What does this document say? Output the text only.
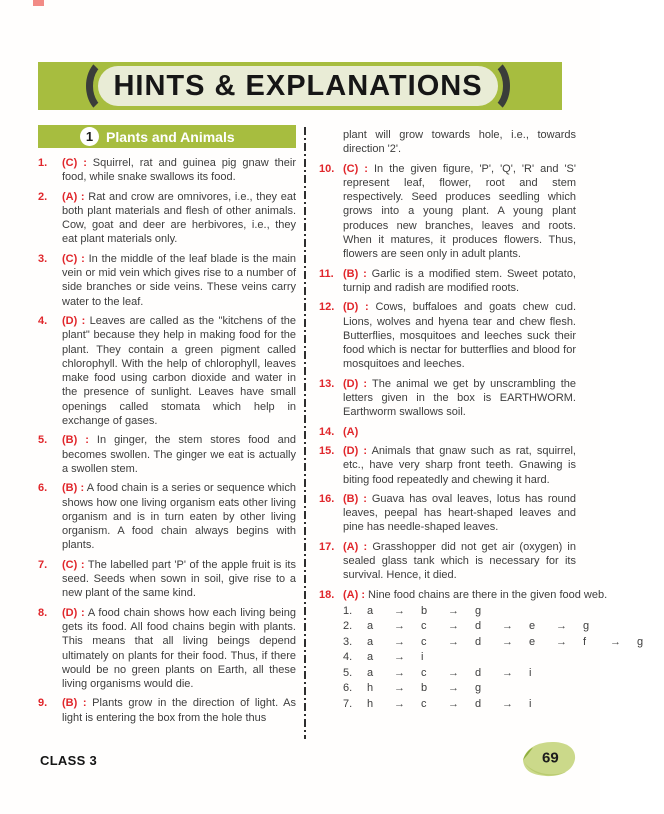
HINTS & EXPLANATIONS
1 Plants and Animals
1.	(C) : Squirrel, rat and guinea pig gnaw their food, while snake swallows its food.
2.	(A) : Rat and crow are omnivores, i.e., they eat both plant materials and flesh of other animals. Cow, goat and deer are herbivores, i.e., they eat plant materials only.
3.	(C) : In the middle of the leaf blade is the main vein or mid vein which gives rise to a number of side branches or side veins. These veins carry water to the leaf.
4.	(D) : Leaves are called as the "kitchens of the plant" because they help in making food for the plant. They contain a green pigment called chlorophyll. With the help of chlorophyll, leaves make food using carbon dioxide and water in the presence of sunlight. Leaves have small openings called stomata which help in exchange of gases.
5.	(B) : In ginger, the stem stores food and becomes swollen. The ginger we eat is actually a swollen stem.
6.	(B) : A food chain is a series or sequence which shows how one living organism eats other living organism and is in turn eaten by other living organism. A food chain always begins with plants.
7.	(C) : The labelled part 'P' of the apple fruit is its seed. Seeds when sown in soil, give rise to a new plant of the same kind.
8.	(D) : A food chain shows how each living being gets its food. All food chains begin with plants. This means that all living beings depend ultimately on plants for their food. Thus, if there would be no green plants on Earth, all these living organisms would die.
9.	(B) : Plants grow in the direction of light. As light is entering the box from the hole thus
plant will grow towards hole, i.e., towards direction '2'.
10. (C) : In the given figure, 'P', 'Q', 'R' and 'S' represent leaf, flower, root and stem respectively. Seed produces seedling which grows into a young plant. A young plant produces new branches, leaves and roots. When it matures, it produces flowers. Thus, flowers are seen only in adult plants.
11. (B) : Garlic is a modified stem. Sweet potato, turnip and radish are modified roots.
12. (D) : Cows, buffaloes and goats chew cud. Lions, wolves and hyena tear and chew flesh. Butterflies, mosquitoes and leeches suck their food which is nectar for butterflies and blood for mosquitoes and leeches.
13. (D) : The animal we get by unscrambling the letters given in the box is EARTHWORM. Earthworm swallows soil.
14. (A)
15. (D) : Animals that gnaw such as rat, squirrel, etc., have very sharp front teeth. Gnawing is biting food repeatedly and chewing it hard.
16. (B) : Guava has oval leaves, lotus has round leaves, peepal has heart-shaped leaves and pine has needle-shaped leaves.
17. (A) : Grasshopper did not get air (oxygen) in sealed glass tank which is necessary for its survival. Hence, it died.
18. (A) : Nine food chains are there in the given food web.
1.	a	→	b	→	g
2.	a	→	c	→	d	→	e	→	g
3.	a	→	c	→	d	→	e	→	f	→	g
4.	a	→	i
5.	a	→	c	→	d	→	i
6.	h	→	b	→	g
7.	h	→	c	→	d	→	i
CLASS 3	69
